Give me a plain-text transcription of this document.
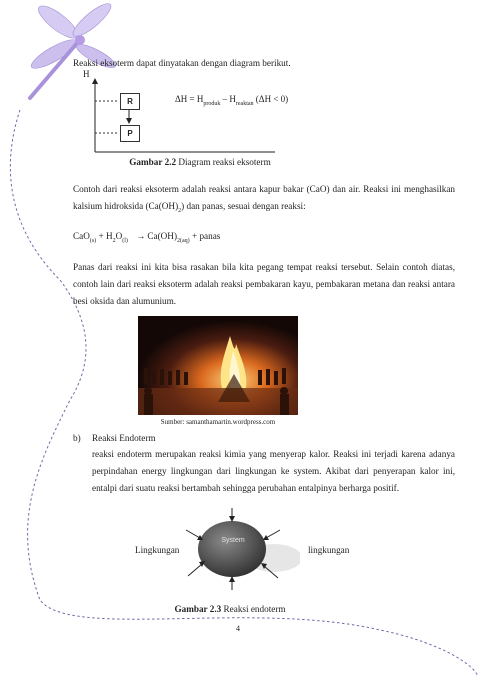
Reaksi eksoterm dapat dinyatakan dengan diagram berikut.
H
R
P
$\Delta H = H_{produk} - H_{reaktan}$ (ΔH < 0)
Gambar 2.2 Diagram reaksi eksoterm
Contoh dari reaksi eksoterm adalah reaksi antara kapur bakar (CaO) dan air. Reaksi ini menghasilkan kalsium hidroksida $(Ca(OH)_2)$ dan panas, sesuai dengan reaksi:
$CaO_{(s)} + H_2O_{(l)} \to Ca(OH)_{2(aq)}$ + panas
Panas dari reaksi ini kita bisa rasakan bila kita pegang tempat reaksi tersebut. Selain contoh diatas, contoh lain dari reaksi eksoterm adalah reaksi pembakaran kayu, pembakaran metana dan reaksi antara besi oksida dan alumunium.
Sumber: samanthamartin.wordpress.com
b) Reaksi Endoterm
reaksi endoterm merupakan reaksi kimia yang menyerap kalor. Reaksi ini terjadi karena adanya perpindahan energy lingkungan dari lingkungan ke system. Akibat dari penyerapan kalor ini, entalpi dari suatu reaksi bertambah sehingga perubahan entalpinya berharga positif.
System
Lingkungan	lingkungan
Gambar 2.3 Reaksi endoterm
4
